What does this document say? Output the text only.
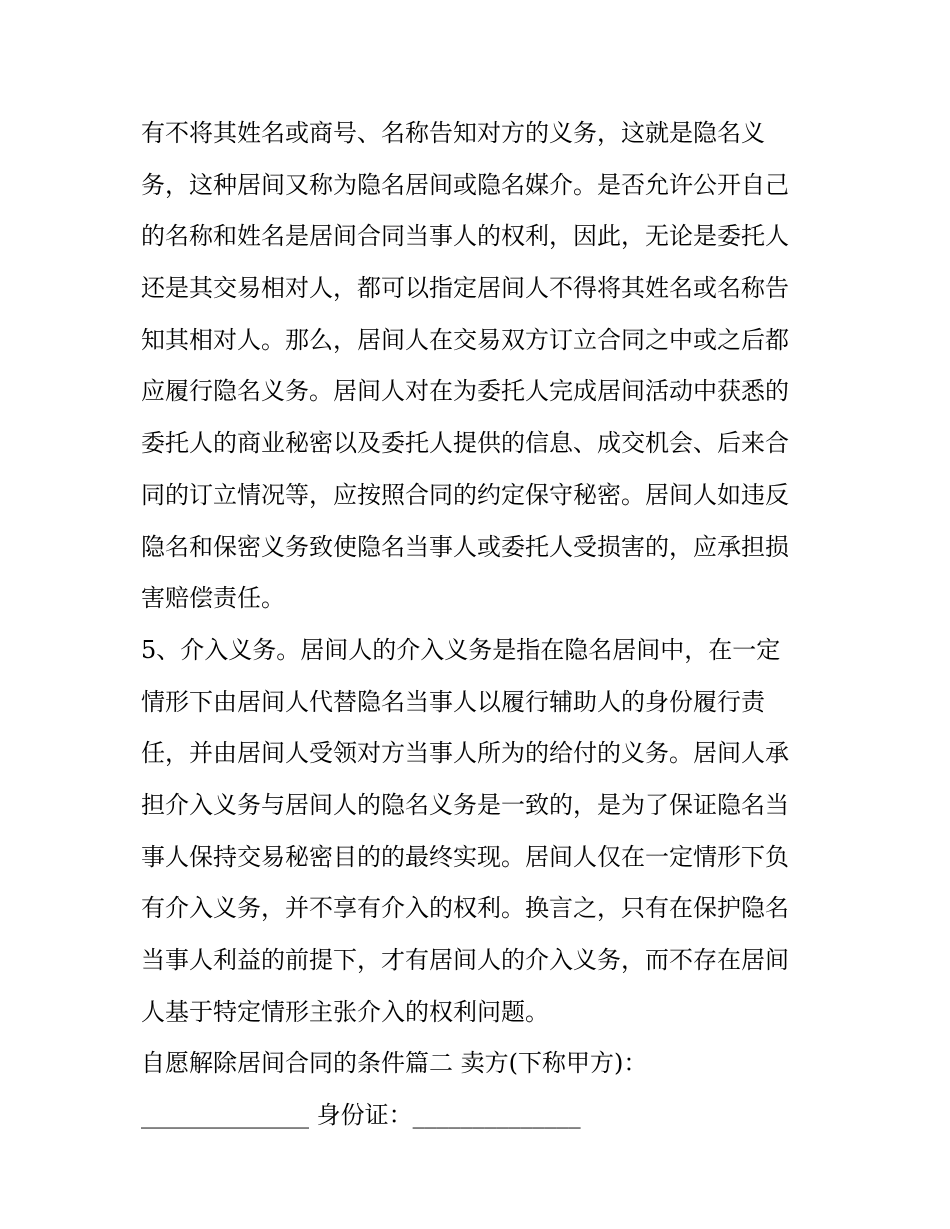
有不将其姓名或商号、名称告知对方的义务，这就是隐名义
务，这种居间又称为隐名居间或隐名媒介。是否允许公开自己
的名称和姓名是居间合同当事人的权利，因此，无论是委托人
还是其交易相对人，都可以指定居间人不得将其姓名或名称告
知其相对人。那么，居间人在交易双方订立合同之中或之后都
应履行隐名义务。居间人对在为委托人完成居间活动中获悉的
委托人的商业秘密以及委托人提供的信息、成交机会、后来合
同的订立情况等，应按照合同的约定保守秘密。居间人如违反
隐名和保密义务致使隐名当事人或委托人受损害的，应承担损
害赔偿责任。
5、介入义务。居间人的介入义务是指在隐名居间中，在一定
情形下由居间人代替隐名当事人以履行辅助人的身份履行责
任，并由居间人受领对方当事人所为的给付的义务。居间人承
担介入义务与居间人的隐名义务是一致的，是为了保证隐名当
事人保持交易秘密目的的最终实现。居间人仅在一定情形下负
有介入义务，并不享有介入的权利。换言之，只有在保护隐名
当事人利益的前提下，才有居间人的介入义务，而不存在居间
人基于特定情形主张介入的权利问题。
自愿解除居间合同的条件篇二 卖方(下称甲方)：
______________ 身份证：______________
